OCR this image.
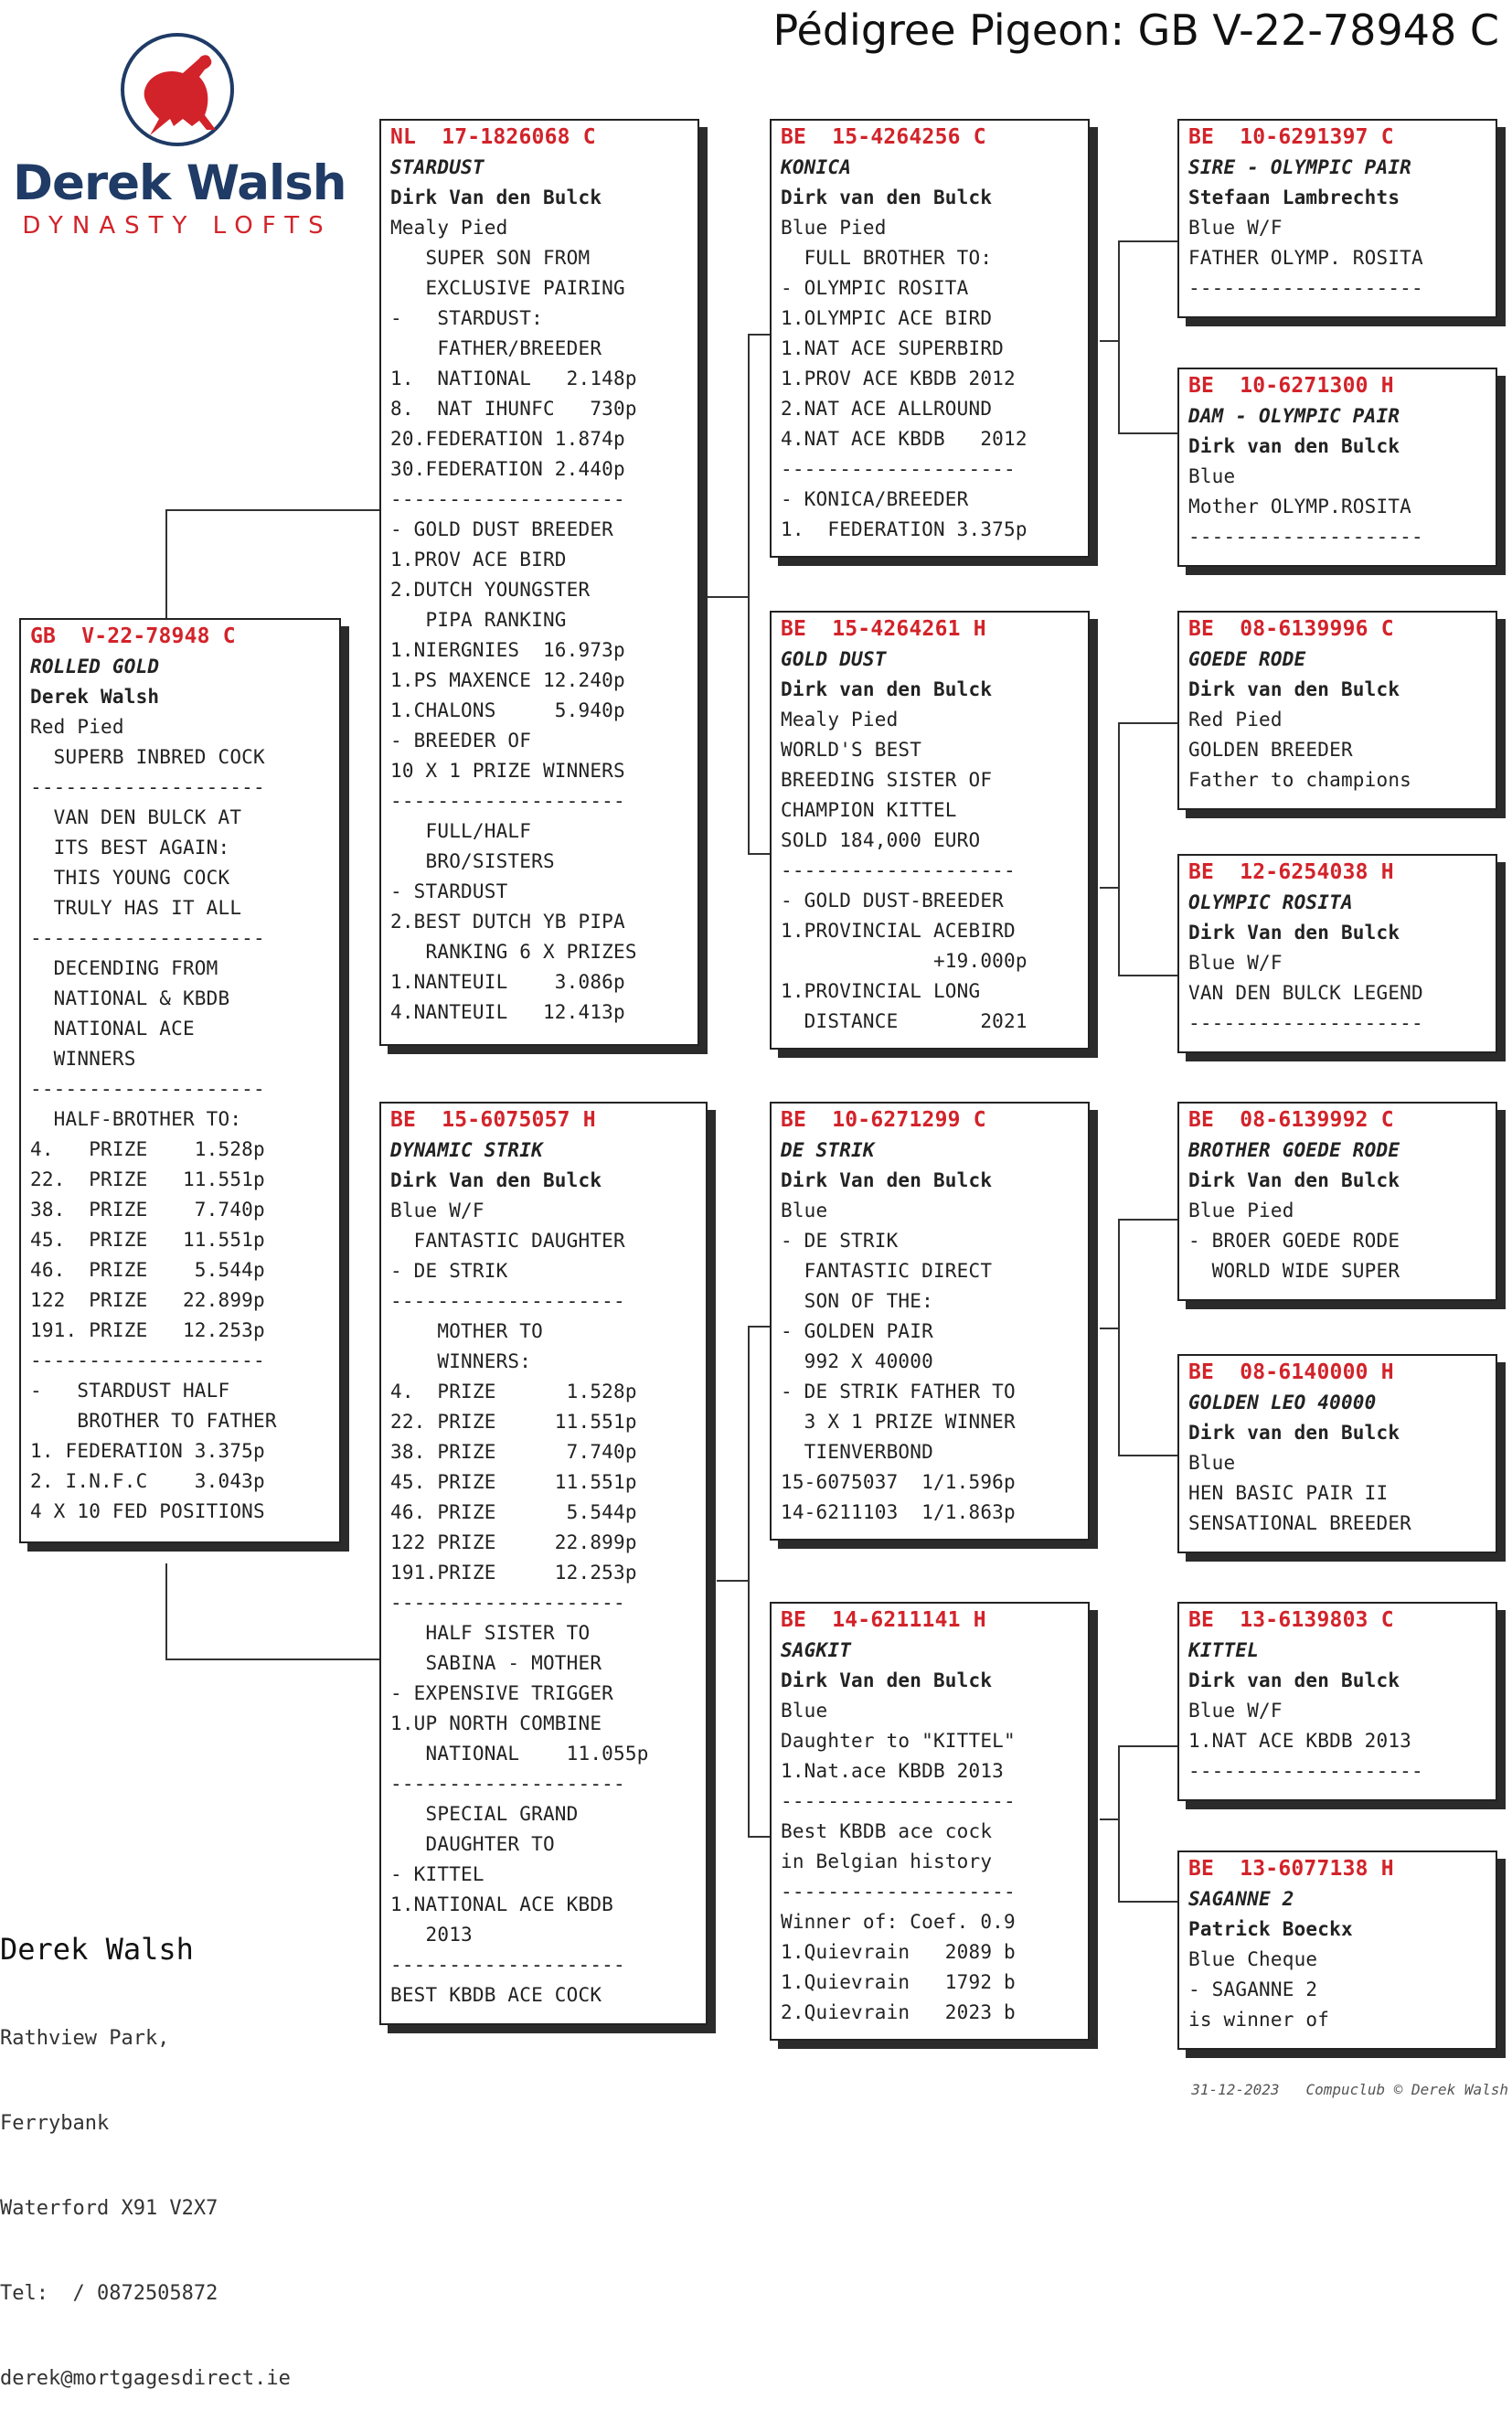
Pédigree Pigeon: GB V-22-78948 C
Derek Walsh
DYNASTY LOFTS
GB  V-22-78948 C
ROLLED GOLD
Derek Walsh
Red Pied
SUPERB INBRED COCK
--------------------
VAN DEN BULCK AT
ITS BEST AGAIN:
THIS YOUNG COCK
TRULY HAS IT ALL
--------------------
DECENDING FROM
NATIONAL & KBDB
NATIONAL ACE
WINNERS
--------------------
HALF-BROTHER TO:
4.   PRIZE    1.528p
22.  PRIZE   11.551p
38.  PRIZE    7.740p
45.  PRIZE   11.551p
46.  PRIZE    5.544p
122  PRIZE   22.899p
191. PRIZE   12.253p
--------------------
-   STARDUST HALF
BROTHER TO FATHER
1. FEDERATION 3.375p
2. I.N.F.C    3.043p
4 X 10 FED POSITIONS
NL  17-1826068 C
STARDUST
Dirk Van den Bulck
Mealy Pied
SUPER SON FROM
EXCLUSIVE PAIRING
-   STARDUST:
FATHER/BREEDER
1.  NATIONAL   2.148p
8.  NAT IHUNFC   730p
20.FEDERATION 1.874p
30.FEDERATION 2.440p
--------------------
- GOLD DUST BREEDER
1.PROV ACE BIRD
2.DUTCH YOUNGSTER
PIPA RANKING
1.NIERGNIES  16.973p
1.PS MAXENCE 12.240p
1.CHALONS     5.940p
- BREEDER OF
10 X 1 PRIZE WINNERS
--------------------
FULL/HALF
BRO/SISTERS
- STARDUST
2.BEST DUTCH YB PIPA
RANKING 6 X PRIZES
1.NANTEUIL    3.086p
4.NANTEUIL   12.413p
BE  15-6075057 H
DYNAMIC STRIK
Dirk Van den Bulck
Blue W/F
FANTASTIC DAUGHTER
- DE STRIK
--------------------
MOTHER TO
WINNERS:
4.  PRIZE      1.528p
22. PRIZE     11.551p
38. PRIZE      7.740p
45. PRIZE     11.551p
46. PRIZE      5.544p
122 PRIZE     22.899p
191.PRIZE     12.253p
--------------------
HALF SISTER TO
SABINA - MOTHER
- EXPENSIVE TRIGGER
1.UP NORTH COMBINE
NATIONAL    11.055p
--------------------
SPECIAL GRAND
DAUGHTER TO
- KITTEL
1.NATIONAL ACE KBDB
2013
--------------------
BEST KBDB ACE COCK
BE  15-4264256 C
KONICA
Dirk van den Bulck
Blue Pied
FULL BROTHER TO:
- OLYMPIC ROSITA
1.OLYMPIC ACE BIRD
1.NAT ACE SUPERBIRD
1.PROV ACE KBDB 2012
2.NAT ACE ALLROUND
4.NAT ACE KBDB   2012
--------------------
- KONICA/BREEDER
1.  FEDERATION 3.375p
BE  15-4264261 H
GOLD DUST
Dirk van den Bulck
Mealy Pied
WORLD'S BEST
BREEDING SISTER OF
CHAMPION KITTEL
SOLD 184,000 EURO
--------------------
- GOLD DUST-BREEDER
1.PROVINCIAL ACEBIRD
+19.000p
1.PROVINCIAL LONG
DISTANCE       2021
BE  10-6271299 C
DE STRIK
Dirk Van den Bulck
Blue
- DE STRIK
FANTASTIC DIRECT
SON OF THE:
- GOLDEN PAIR
992 X 40000
- DE STRIK FATHER TO
3 X 1 PRIZE WINNER
TIENVERBOND
15-6075037  1/1.596p
14-6211103  1/1.863p
BE  14-6211141 H
SAGKIT
Dirk Van den Bulck
Blue
Daughter to "KITTEL"
1.Nat.ace KBDB 2013
--------------------
Best KBDB ace cock
in Belgian history
--------------------
Winner of: Coef. 0.9
1.Quievrain   2089 b
1.Quievrain   1792 b
2.Quievrain   2023 b
BE  10-6291397 C
SIRE - OLYMPIC PAIR
Stefaan Lambrechts
Blue W/F
FATHER OLYMP. ROSITA
--------------------
BE  10-6271300 H
DAM - OLYMPIC PAIR
Dirk van den Bulck
Blue
Mother OLYMP.ROSITA
--------------------
BE  08-6139996 C
GOEDE RODE
Dirk van den Bulck
Red Pied
GOLDEN BREEDER
Father to champions
BE  12-6254038 H
OLYMPIC ROSITA
Dirk Van den Bulck
Blue W/F
VAN DEN BULCK LEGEND
--------------------
BE  08-6139992 C
BROTHER GOEDE RODE
Dirk Van den Bulck
Blue Pied
- BROER GOEDE RODE
WORLD WIDE SUPER
BE  08-6140000 H
GOLDEN LEO 40000
Dirk van den Bulck
Blue
HEN BASIC PAIR II
SENSATIONAL BREEDER
BE  13-6139803 C
KITTEL
Dirk van den Bulck
Blue W/F
1.NAT ACE KBDB 2013
--------------------
BE  13-6077138 H
SAGANNE 2
Patrick Boeckx
Blue Cheque
- SAGANNE 2
is winner of

Derek Walsh

Rathview Park,

Ferrybank

Waterford X91 V2X7

Tel:  / 0872505872

derek@mortgagesdirect.ie

31-12-2023   Compuclub © Derek Walsh
